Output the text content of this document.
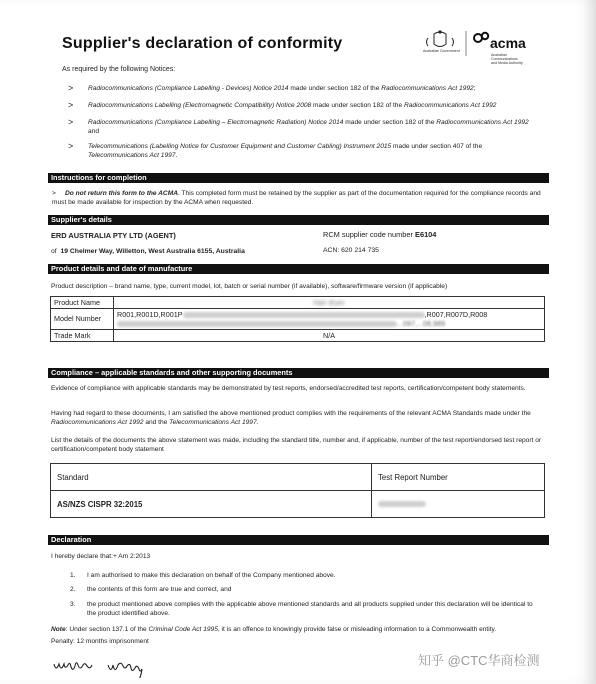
Supplier's declaration of conformity
As required by the following Notices:
Australian Government acma
Australian
Communications
and Media Authority
> Radiocommunications (Compliance Labelling - Devices) Notice 2014 made under section 182 of the Radiocommunications Act 1992;
> Radiocommunications Labelling (Electromagnetic Compatibility) Notice 2008 made under section 182 of the Radiocommunications Act 1992
> Radiocommunications (Compliance Labelling – Electromagnetic Radiation) Notice 2014 made under section 182 of the Radiocommunications Act 1992 and
> Telecommunications (Labelling Notice for Customer Equipment and Customer Cabling) Instrument 2015 made under section 407 of the Telecommunications Act 1997.
Instructions for completion
>     Do not return this form to the ACMA. This completed form must be retained by the supplier as part of the documentation required for the compliance records and must be made available for inspection by the ACMA when requested.
Supplier's details
ERD AUSTRALIA PTY LTD (AGENT)
of 19 Chelmer Way, Willetton, West Australia 6155, Australia
RCM supplier code number E6104
ACN: 620 214 735
Product details and date of manufacture
Product description – brand name, type, current model, lot, batch or serial number (if available), software/firmware version (if applicable)
Product Name	Hair dryer
Model Number	R001,R001D,R001P ,R007,R007D,R008
...097,...08,989
Trade Mark	N/A
Compliance – applicable standards and other supporting documents
Evidence of compliance with applicable standards may be demonstrated by test reports, endorsed/accredited test reports, certification/competent body statements.
Having had regard to these documents, I am satisfied the above mentioned product complies with the requirements of the relevant ACMA Standards made under the Radiocommunications Act 1992 and the Telecommunications Act 1997.
List the details of the documents the above statement was made, including the standard title, number and, if applicable, number of the test report/endorsed test report or certification/competent body statement
Standard	Test Report Number
AS/NZS CISPR 32:2015	
Declaration
I hereby declare that:+ Am 2:2013
1. I am authorised to make this declaration on behalf of the Company mentioned above.
2. the contents of this form are true and correct, and
3. the product mentioned above complies with the applicable above mentioned standards and all products supplied under this declaration will be identical to the product identified above.
Note: Under section 137.1 of the Criminal Code Act 1995, it is an offence to knowingly provide false or misleading information to a Commonwealth entity.
Penalty: 12 months imprisonment
知乎 @CTC华商检测
